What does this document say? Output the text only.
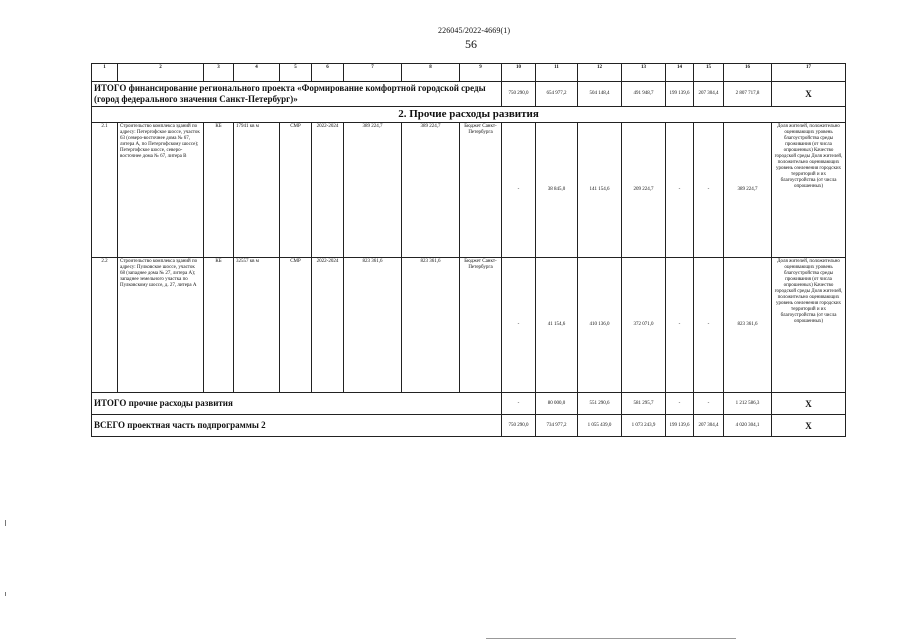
226045/2022-4669(1)
56
1	2	3	4	5	6	7	8	9	10	11	12	13	14	15	16	17
ИТОГО финансирование регионального проекта «Формирование комфортной городской среды (город федерального значения Санкт-Петербург)»									750 290,0	654 977,2	504 148,4	491 948,7	199 139,6	207 304,4	2 807 717,8	X
2. Прочие расходы развития																
2.1	Строительство комплекса зданий по адресу: Петергофское шоссе, участок 63 (северо-восточнее дома № 67, литера А, по Петергофскому шоссе); Петергофское шоссе, северо-восточнее дома № 67, литера В	КБ	17941 кв м	СМР	2022-2024	389 224,7	389 224,7	Бюджет Санкт-Петербурга	-	38 845,0	141 154,6	209 224,7	-	-	389 224,7	Доля жителей, положительно оценивающих уровень благоустройства среды проживания (от числа опрошенных) Качество городской среды Доля жителей, положительно оценивающих уровень озеленения городских территорий и их благоустройства (от числа опрошенных)
2.2	Строительство комплекса зданий по адресу: Пулковское шоссе, участок 68 (западнее дома № 27, литера А); западнее земельного участка по Пулковскому шоссе, д. 27, литера А	КБ	32557 кв м	СМР	2022-2024	823 361,6	823 361,6	Бюджет Санкт-Петербурга	-	41 154,6	410 136,0	372 071,0	-	-	823 361,6	Доля жителей, положительно оценивающих уровень благоустройства среды проживания (от числа опрошенных) Качество городской среды Доля жителей, положительно оценивающих уровень озеленения городских территорий и их благоустройства (от числа опрошенных)
ИТОГО прочие расходы развития									-	80 000,0	551 290,6	581 295,7	-	-	1 212 586,3	X
ВСЕГО проектная часть подпрограммы 2									750 290,0	734 977,2	1 055 439,0	1 073 243,9	199 139,6	207 304,4	4 020 304,1	X
